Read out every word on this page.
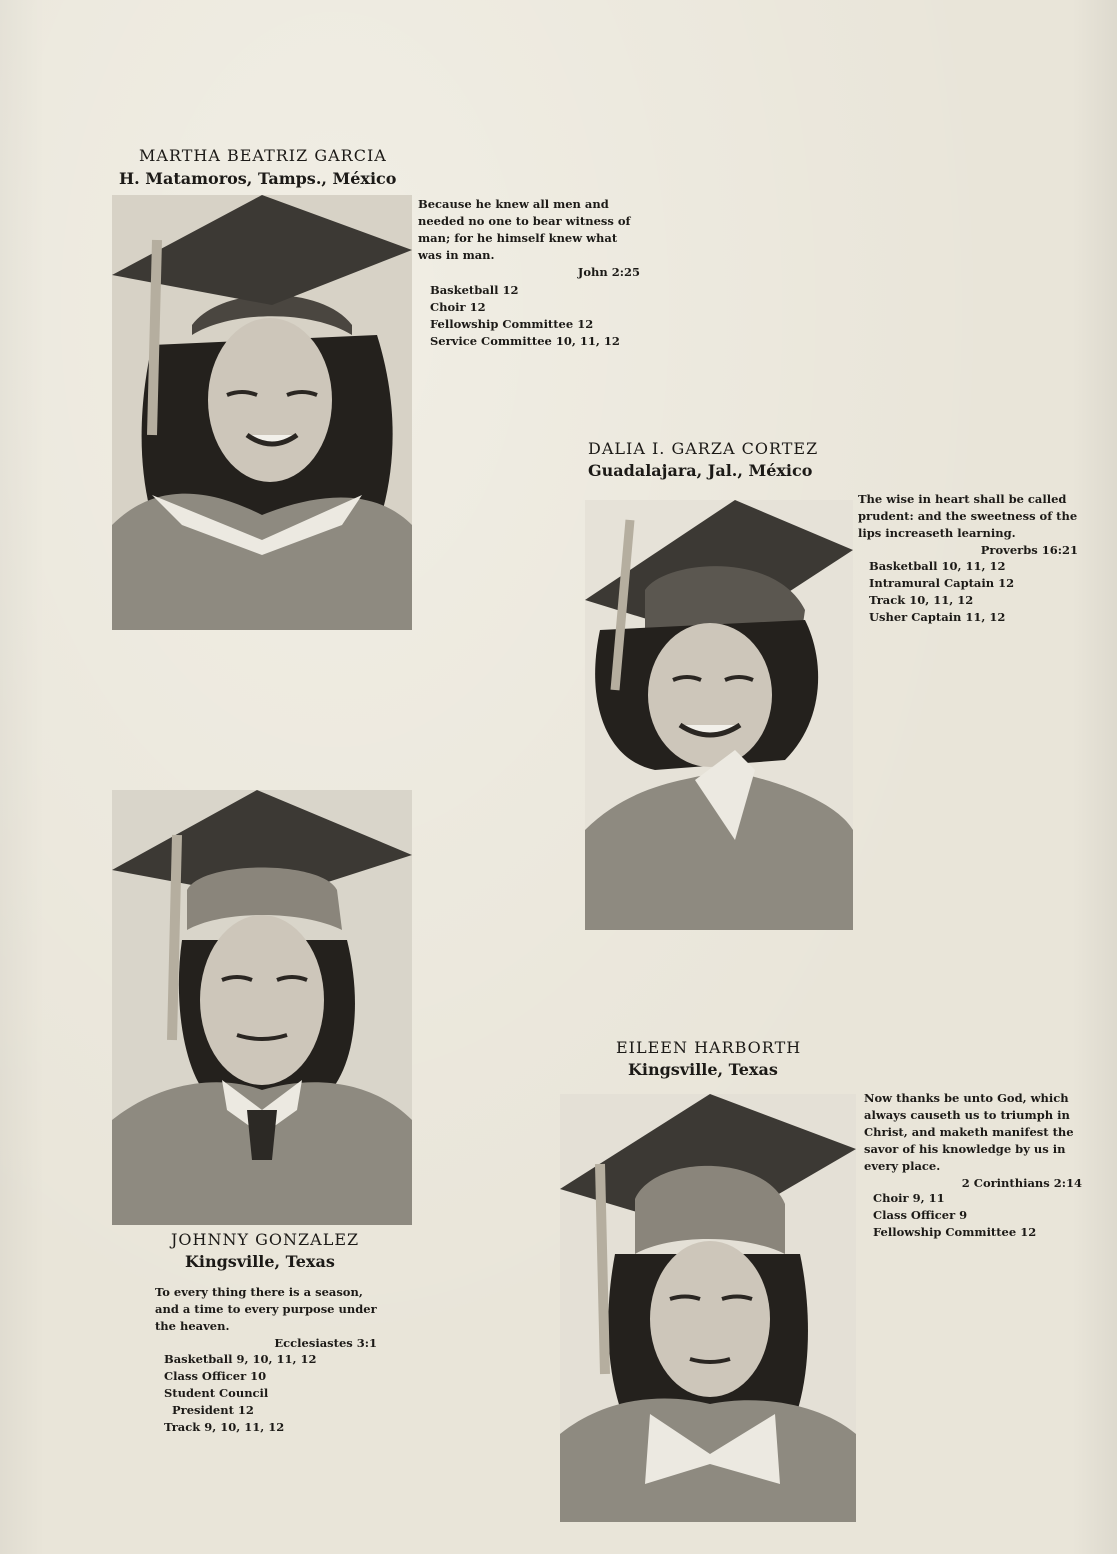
MARTHA BEATRIZ GARCIA
H. Matamoros, Tamps., México
Because he knew all men and needed no one to bear witness of man; for he himself knew what was in man.
John 2:25
Basketball 12
Choir 12
Fellowship Committee 12
Service Committee 10, 11, 12
DALIA I. GARZA CORTEZ
Guadalajara, Jal., México
The wise in heart shall be called prudent: and the sweetness of the lips increaseth learning.
Proverbs 16:21
Basketball 10, 11, 12
Intramural Captain 12
Track 10, 11, 12
Usher Captain 11, 12
JOHNNY GONZALEZ
Kingsville, Texas
To every thing there is a season, and a time to every purpose under the heaven.
Ecclesiastes 3:1
Basketball 9, 10, 11, 12
Class Officer 10
Student Council
President 12
Track 9, 10, 11, 12
EILEEN HARBORTH
Kingsville, Texas
Now thanks be unto God, which always causeth us to triumph in Christ, and maketh manifest the savor of his knowledge by us in every place.
2 Corinthians 2:14
Choir 9, 11
Class Officer 9
Fellowship Committee 12
